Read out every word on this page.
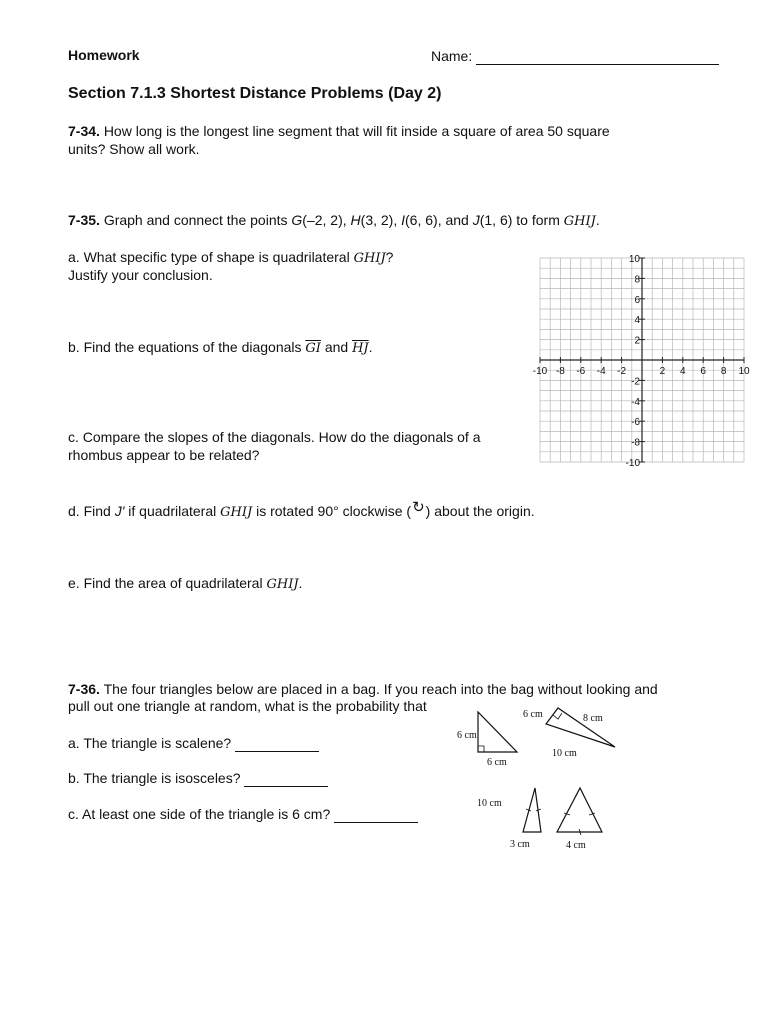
Homework	Name:
Section 7.1.3 Shortest Distance Problems (Day 2)
7-34. How long is the longest line segment that will fit inside a square of area 50 square
units? Show all work.
7-35. Graph and connect the points G(–2, 2), H(3, 2), I(6, 6), and J(1, 6) to form GHIJ.
a. What specific type of shape is quadrilateral GHIJ?
Justify your conclusion.
b. Find the equations of the diagonals $\overline{GI}$ and $\overline{HJ}$.
c. Compare the slopes of the diagonals. How do the diagonals of a
rhombus appear to be related?
d. Find J' if quadrilateral GHIJ is rotated 90° clockwise (↻) about the origin.
e. Find the area of quadrilateral GHIJ.
-10 -8 -6 -4 -2	2 4 6 8 10
10
8
6
4
2
-2
-4
-6
-8
-10
7-36. The four triangles below are placed in a bag. If you reach into the bag without looking and
pull out one triangle at random, what is the probability that
a. The triangle is scalene?
b. The triangle is isosceles?
c. At least one side of the triangle is 6 cm?
6 cm
6 cm
6 cm	8 cm
10 cm
10 cm
3 cm	4 cm
